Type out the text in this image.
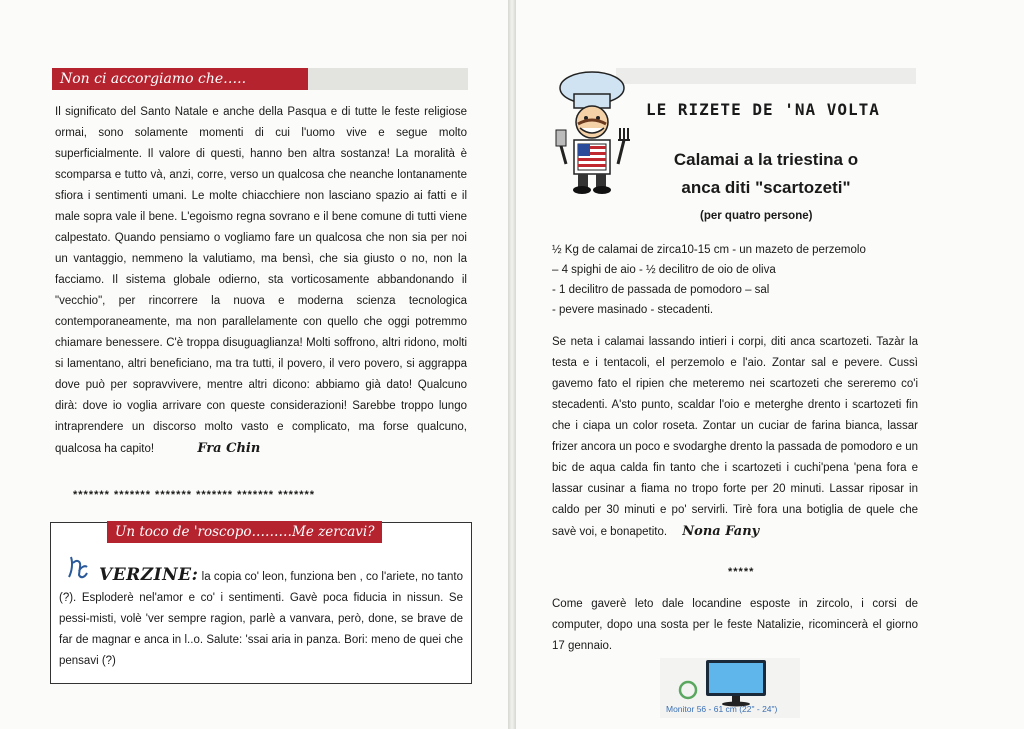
Non ci accorgiamo che…..
Il significato del Santo Natale e anche della Pasqua e di tutte le feste religiose ormai, sono solamente momenti di cui l'uomo vive e segue molto superficialmente. Il valore di questi, hanno ben altra sostanza! La moralità è scomparsa e tutto và, anzi, corre, verso un qualcosa che neanche lontanamente sfiora i sentimenti umani. Le molte chiacchiere non lasciano spazio ai fatti e il male sopra vale il bene. L'egoismo regna sovrano e il bene comune di tutti viene calpestato. Quando pensiamo o vogliamo fare un qualcosa che non sia per noi un vantaggio, nemmeno la valutiamo, ma bensì, che sia giusto o no, non la facciamo. Il sistema globale odierno, sta vorticosamente abbandonando il "vecchio", per rincorrere la nuova e moderna scienza tecnologica contemporaneamente, ma non parallelamente con quello che oggi potremmo chiamare benessere. C'è troppa disuguaglianza! Molti soffrono, altri ridono, molti si lamentano, altri beneficiano, ma tra tutti, il povero, il vero povero, si aggrappa dove può per sopravvivere, mentre altri dicono: abbiamo già dato! Qualcuno dirà: dove io voglia arrivare con queste considerazioni! Sarebbe troppo lungo intraprendere un discorso molto vasto e complicato, ma forse qualcuno, qualcosa ha capito!	Fra Chin
******* ******* ******* ******* ******* *******
Un toco de 'roscopo………Me zercavi?
VERZINE: la copia co' leon, funziona ben , co l'ariete, no tanto (?). Esploderè nel'amor e co' i sentimenti. Gavè poca fiducia in nissun. Se pessi-misti, volè 'ver sempre ragion, parlè a vanvara, però, done, se brave de far de magnar e anca in l..o. Salute: 'ssai aria in panza. Bori: meno de quei che pensavi (?)
LE RIZETE DE 'NA VOLTA
Calamai a la triestina o
anca diti "scartozeti"
(per quatro persone)
½ Kg de calamai de zirca10-15 cm - un mazeto de perzemolo
– 4 spighi de aio - ½ decilitro de oio de oliva
- 1 decilitro de passada de pomodoro – sal
- pevere masinado - stecadenti.
Se neta i calamai lassando intieri i corpi, diti anca scartozeti. Tazàr la testa e i tentacoli, el perzemolo e l'aio. Zontar sal e pevere. Cussì gavemo fato el ripien che meteremo nei scartozeti che sereremo co'i stecadenti. A'sto punto, scaldar l'oio e meterghe drento i scartozeti fin che i ciapa un color roseta. Zontar un cuciar de farina bianca, lassar frizer ancora un poco e svodarghe drento la passada de pomodoro e un bic de aqua calda fin tanto che i scartozeti i cuchi'pena 'pena fora e lassar cusinar a fiama no tropo forte per 20 minuti. Lassar riposar in caldo per 30 minuti e po' servirli. Tirè fora una botiglia de quele che savè voi, e bonapetito. Nona Fany
*****
Come gaverè leto dale locandine esposte in zircolo, i corsi de computer, dopo una sosta per le feste Natalizie, ricomincerà el giorno 17 gennaio.
Monitor 56 - 61 cm (22" - 24")
